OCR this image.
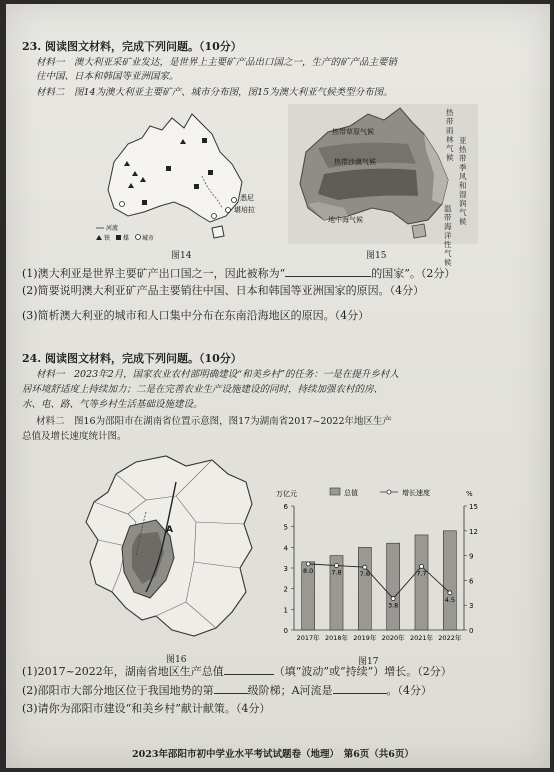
23. 阅读图文材料，完成下列问题。（10分）
材料一　澳大利亚采矿业发达，是世界上主要矿产品出口国之一，生产的矿产品主要销
往中国、日本和韩国等亚洲国家。
材料二　图14为澳大利亚主要矿产、城市分布图，图15为澳大利亚气候类型分布图。
悉尼
堪培拉
河流
铁 煤 城市
图14
热带草原气候
热带沙漠气候
地中海气候
热带雨林气候
亚热带季风和湿润气候
温带海洋性气候
图15
(1)澳大利亚是世界主要矿产出口国之一，因此被称为“	的国家”。（2分）
(2)简要说明澳大利亚矿产品主要销往中国、日本和韩国等亚洲国家的原因。（4分）
(3)简析澳大利亚的城市和人口集中分布在东南沿海地区的原因。（4分）
24. 阅读图文材料，完成下列问题。（10分）
材料一　2023年2月，国家农业农村部明确建设“和美乡村”的任务：一是在提升乡村人
居环境舒适度上持续加力；二是在完善农业生产设施建设的同时，持续加强农村的房、
水、电、路、气等乡村生活基础设施建设。
材料二　图16为邵阳市在湖南省位置示意图，图17为湖南省2017~2022年地区生产
总值及增长速度统计图。
A
图16
万亿元	%
总值	增长速度
0
1
2
3
4
5
6
0
3
6
9
12
15
2017年 2018年 2019年 2020年 2021年 2022年
8.0	7.8	7.6
3.8
7.7
4.5
图17
(1)2017~2022年，湖南省地区生产总值	（填“波动”或“持续”）增长。（2分）
(2)邵阳市大部分地区位于我国地势的第	级阶梯；A河流是	。（4分）
(3)请你为邵阳市建设“和美乡村”献计献策。（4分）
2023年邵阳市初中学业水平考试试题卷（地理）　第6页（共6页）
